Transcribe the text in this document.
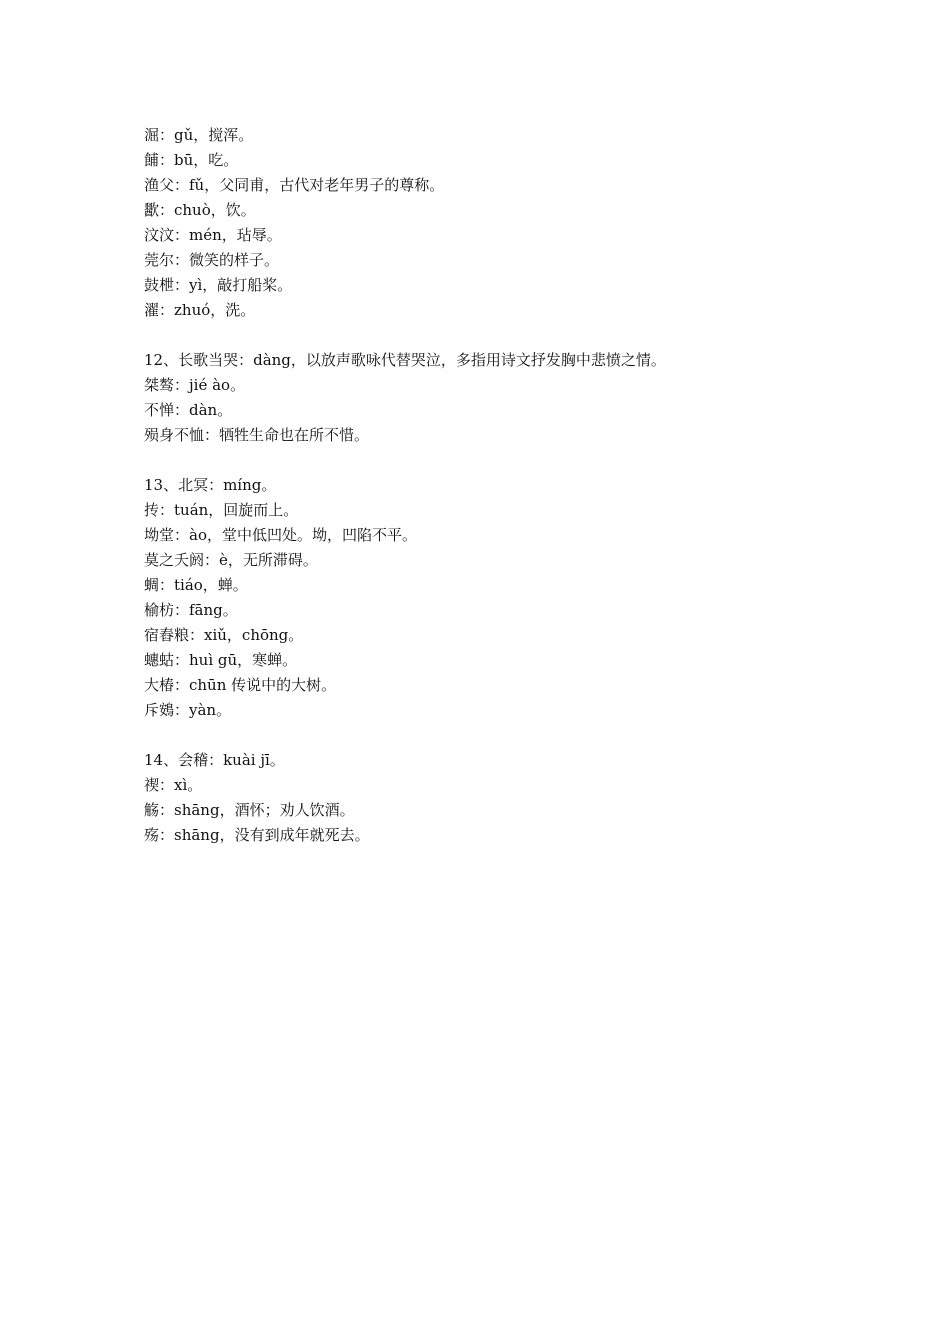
淈：gǔ，搅浑。
餔：bū，吃。
渔父：fǔ，父同甫，古代对老年男子的尊称。
歠：chuò，饮。
汶汶：mén，玷辱。
莞尔：微笑的样子。
鼓枻：yì，敲打船桨。
濯：zhuó，洗。
12、长歌当哭：dàng，以放声歌咏代替哭泣，多指用诗文抒发胸中悲愤之情。
桀骜：jié ào。
不惮：dàn。
殒身不恤：牺牲生命也在所不惜。
13、北冥：míng。
抟：tuán，回旋而上。
坳堂：ào，堂中低凹处。坳，凹陷不平。
莫之夭阏：è，无所滞碍。
蜩：tiáo，蝉。
榆枋：fāng。
宿舂粮：xiǔ，chōng。
蟪蛄：huì gū，寒蝉。
大椿：chūn 传说中的大树。
斥鴳：yàn。
14、会稽：kuài jī。
禊：xì。
觞：shāng，酒怀；劝人饮酒。
殇：shāng，没有到成年就死去。
